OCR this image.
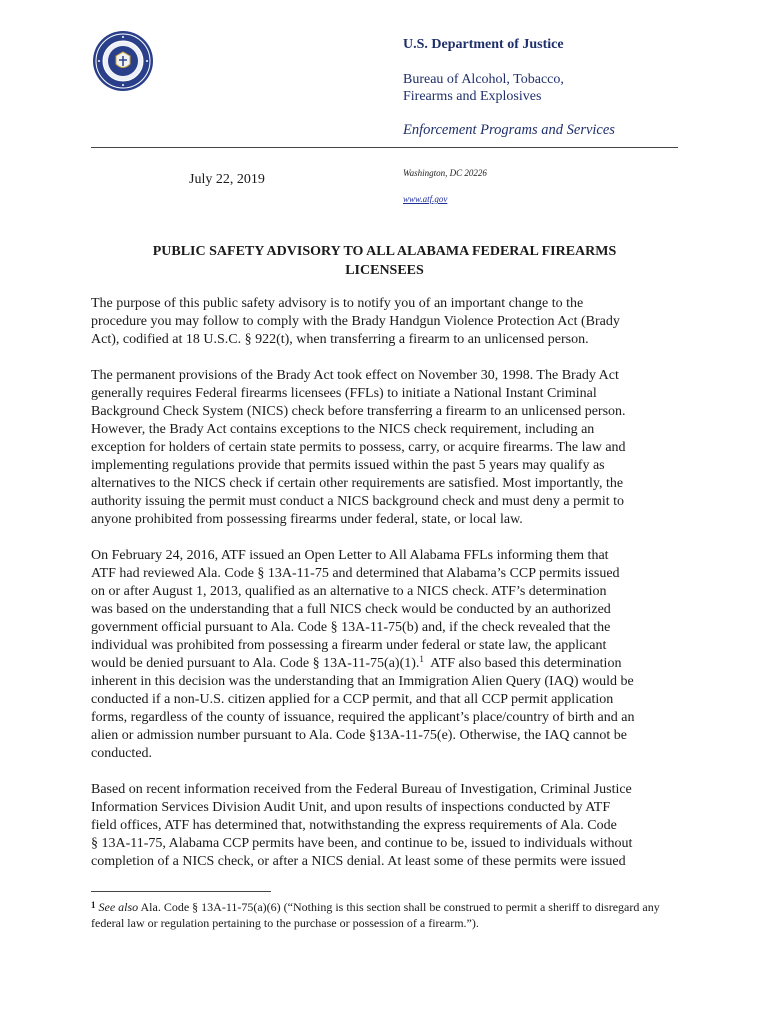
U.S. Department of Justice
Bureau of Alcohol, Tobacco,
Firearms and Explosives
Enforcement Programs and Services
July 22, 2019	Washington, DC 20226
www.atf.gov
PUBLIC SAFETY ADVISORY TO ALL ALABAMA FEDERAL FIREARMS
LICENSEES
The purpose of this public safety advisory is to notify you of an important change to the
procedure you may follow to comply with the Brady Handgun Violence Protection Act (Brady
Act), codified at 18 U.S.C. § 922(t), when transferring a firearm to an unlicensed person.
The permanent provisions of the Brady Act took effect on November 30, 1998. The Brady Act
generally requires Federal firearms licensees (FFLs) to initiate a National Instant Criminal
Background Check System (NICS) check before transferring a firearm to an unlicensed person.
However, the Brady Act contains exceptions to the NICS check requirement, including an
exception for holders of certain state permits to possess, carry, or acquire firearms. The law and
implementing regulations provide that permits issued within the past 5 years may qualify as
alternatives to the NICS check if certain other requirements are satisfied. Most importantly, the
authority issuing the permit must conduct a NICS background check and must deny a permit to
anyone prohibited from possessing firearms under federal, state, or local law.
On February 24, 2016, ATF issued an Open Letter to All Alabama FFLs informing them that
ATF had reviewed Ala. Code § 13A-11-75 and determined that Alabama’s CCP permits issued
on or after August 1, 2013, qualified as an alternative to a NICS check. ATF’s determination
was based on the understanding that a full NICS check would be conducted by an authorized
government official pursuant to Ala. Code § 13A-11-75(b) and, if the check revealed that the
individual was prohibited from possessing a firearm under federal or state law, the applicant
would be denied pursuant to Ala. Code § 13A-11-75(a)(1).$^1$  ATF also based this determination
inherent in this decision was the understanding that an Immigration Alien Query (IAQ) would be
conducted if a non-U.S. citizen applied for a CCP permit, and that all CCP permit application
forms, regardless of the county of issuance, required the applicant’s place/country of birth and an
alien or admission number pursuant to Ala. Code §13A-11-75(e). Otherwise, the IAQ cannot be
conducted.
Based on recent information received from the Federal Bureau of Investigation, Criminal Justice
Information Services Division Audit Unit, and upon results of inspections conducted by ATF
field offices, ATF has determined that, notwithstanding the express requirements of Ala. Code
§ 13A-11-75, Alabama CCP permits have been, and continue to be, issued to individuals without
completion of a NICS check, or after a NICS denial. At least some of these permits were issued
$^1$ See also Ala. Code § 13A-11-75(a)(6) (“Nothing is this section shall be construed to permit a sheriff to disregard any
federal law or regulation pertaining to the purchase or possession of a firearm.”).
